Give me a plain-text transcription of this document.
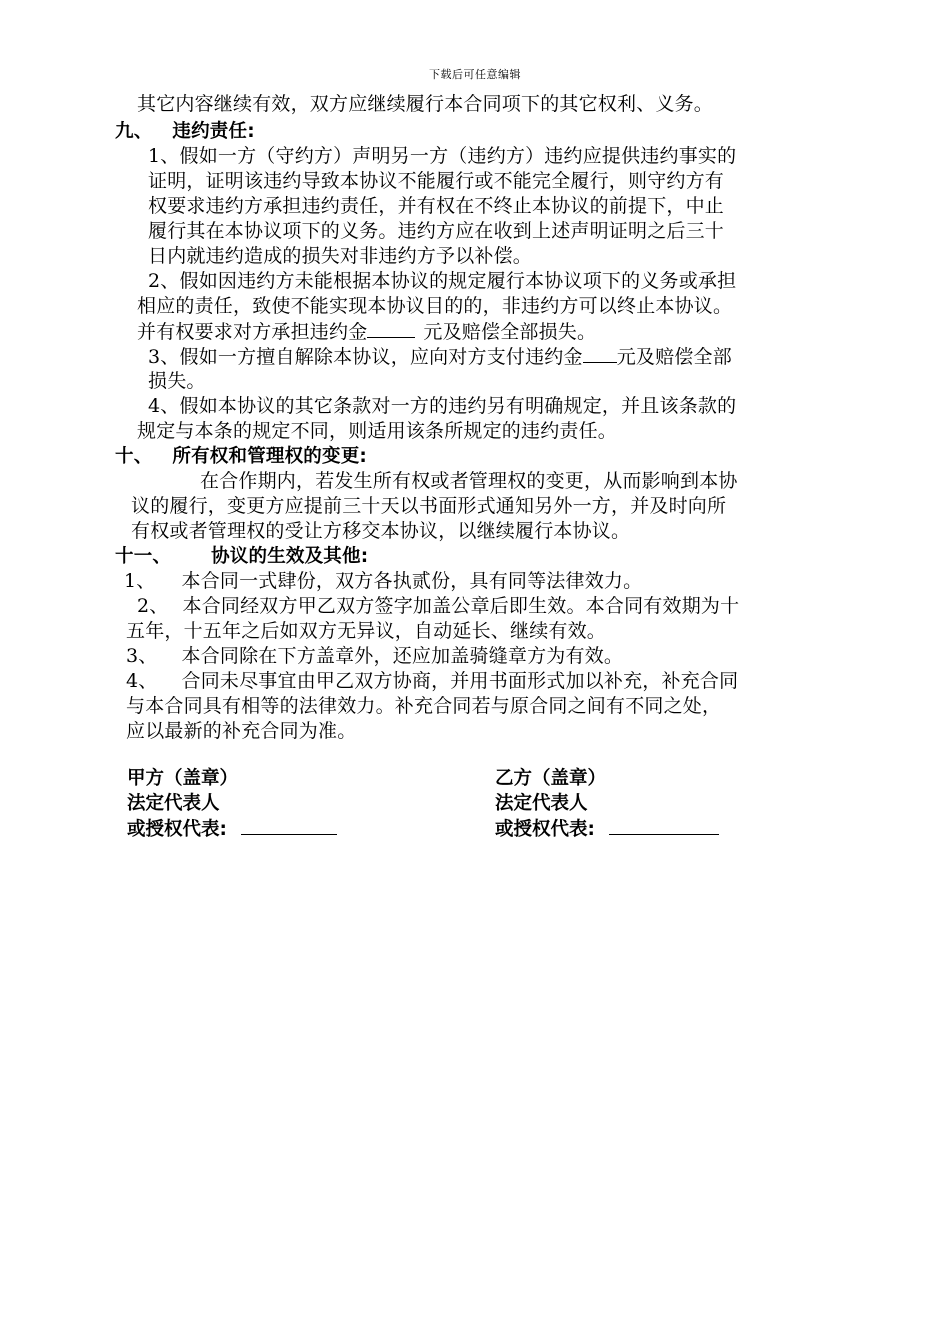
下载后可任意编辑
其它内容继续有效，双方应继续履行本合同项下的其它权利、义务。
九、 违约责任:
1、假如一方（守约方）声明另一方（违约方）违约应提供违约事实的
证明，证明该违约导致本协议不能履行或不能完全履行，则守约方有
权要求违约方承担违约责任，并有权在不终止本协议的前提下，中止
履行其在本协议项下的义务。违约方应在收到上述声明证明之后三十
日内就违约造成的损失对非违约方予以补偿。
2、假如因违约方未能根据本协议的规定履行本协议项下的义务或承担
相应的责任，致使不能实现本协议目的的，非违约方可以终止本协议。
并有权要求对方承担违约金	元及赔偿全部损失。
3、假如一方擅自解除本协议，应向对方支付违约金 元及赔偿全部
损失。
4、假如本协议的其它条款对一方的违约另有明确规定，并且该条款的
规定与本条的规定不同，则适用该条所规定的违约责任。
十、 所有权和管理权的变更:
在合作期内，若发生所有权或者管理权的变更，从而影响到本协
议的履行，变更方应提前三十天以书面形式通知另外一方，并及时向所
有权或者管理权的受让方移交本协议，以继续履行本协议。
十一、 协议的生效及其他:
1、 本合同一式肆份，双方各执贰份，具有同等法律效力。
2、 本合同经双方甲乙双方签字加盖公章后即生效。本合同有效期为十
五年，十五年之后如双方无异议，自动延长、继续有效。
3、 本合同除在下方盖章外，还应加盖骑缝章方为有效。
4、 合同未尽事宜由甲乙双方协商，并用书面形式加以补充，补充合同
与本合同具有相等的法律效力。补充合同若与原合同之间有不同之处，
应以最新的补充合同为准。
甲方（盖章）
法定代表人
或授权代表:
乙方（盖章）
法定代表人
或授权代表:
